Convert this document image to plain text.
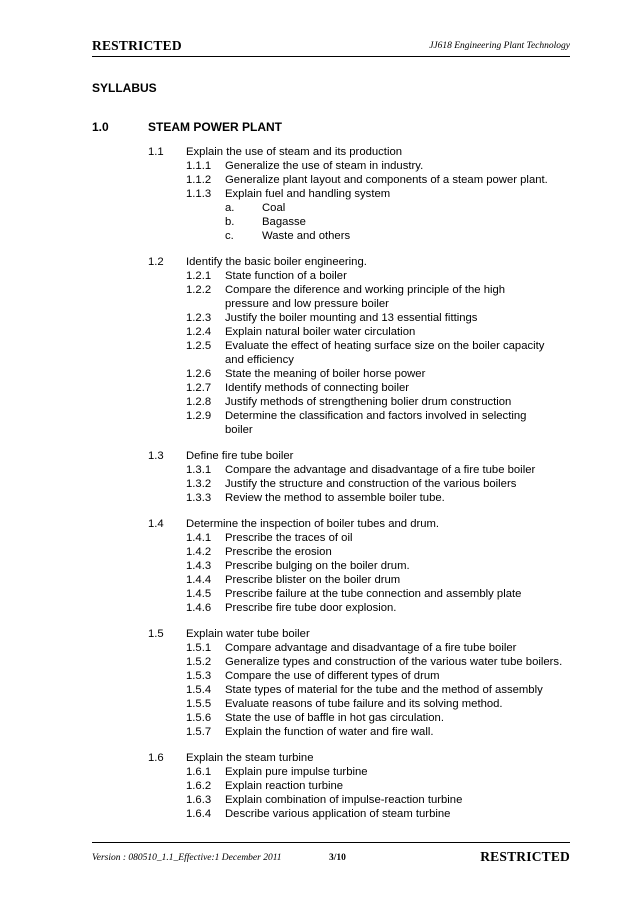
RESTRICTED	JJ618 Engineering Plant Technology
SYLLABUS
1.0	STEAM POWER PLANT
1.1 Explain the use of steam and its production
1.1.1 Generalize the use of steam in industry.
1.1.2 Generalize plant layout and components of a steam power plant.
1.1.3 Explain fuel and handling system
a. Coal
b. Bagasse
c. Waste and others
1.2 Identify the basic boiler engineering.
1.2.1 State function of a boiler
1.2.2 Compare the diference and working principle of the high
pressure and low pressure boiler
1.2.3 Justify the boiler mounting and 13 essential fittings
1.2.4 Explain natural boiler water circulation
1.2.5 Evaluate the effect of heating surface size on the boiler capacity
and efficiency
1.2.6 State the meaning of boiler horse power
1.2.7 Identify methods of connecting boiler
1.2.8 Justify methods of strengthening bolier drum construction
1.2.9 Determine the classification and factors involved in selecting
boiler
1.3 Define fire tube boiler
1.3.1 Compare the advantage and disadvantage of a fire tube boiler
1.3.2 Justify the structure and construction of the various boilers
1.3.3 Review the method to assemble boiler tube.
1.4 Determine the inspection of boiler tubes and drum.
1.4.1 Prescribe the traces of oil
1.4.2 Prescribe the erosion
1.4.3 Prescribe bulging on the boiler drum.
1.4.4 Prescribe blister on the boiler drum
1.4.5 Prescribe failure at the tube connection and assembly plate
1.4.6 Prescribe fire tube door explosion.
1.5 Explain water tube boiler
1.5.1 Compare advantage and disadvantage of a fire tube boiler
1.5.2 Generalize types and construction of the various water tube boilers.
1.5.3 Compare the use of different types of drum
1.5.4 State types of material for the tube and the method of assembly
1.5.5 Evaluate reasons of tube failure and its solving method.
1.5.6 State the use of baffle in hot gas circulation.
1.5.7 Explain the function of water and fire wall.
1.6 Explain the steam turbine
1.6.1 Explain pure impulse turbine
1.6.2 Explain reaction turbine
1.6.3 Explain combination of impulse-reaction turbine
1.6.4 Describe various application of steam turbine
Version : 080510_1.1_Effective:1 December 2011	3/10	RESTRICTED
